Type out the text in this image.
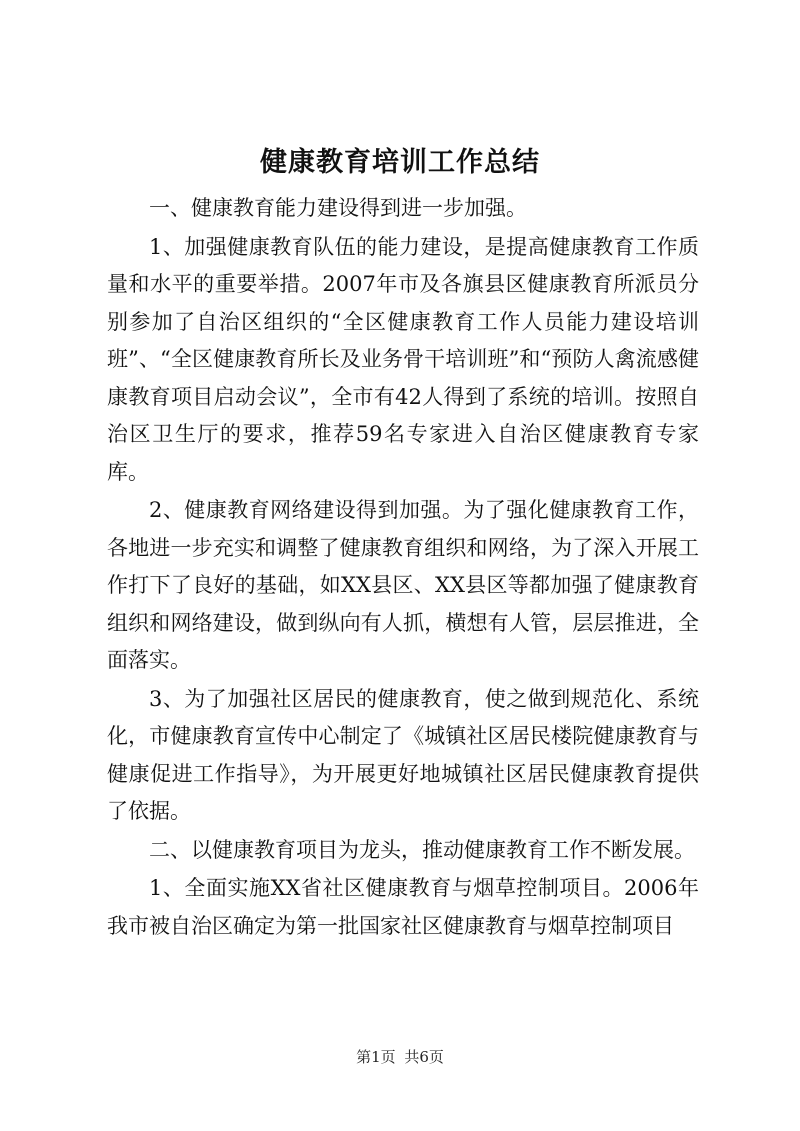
健康教育培训工作总结

一、健康教育能力建设得到进一步加强。

1、加强健康教育队伍的能力建设，是提高健康教育工作质量和水平的重要举措。2007年市及各旗县区健康教育所派员分别参加了自治区组织的“全区健康教育工作人员能力建设培训班”、“全区健康教育所长及业务骨干培训班”和“预防人禽流感健康教育项目启动会议”，全市有42人得到了系统的培训。按照自治区卫生厅的要求，推荐59名专家进入自治区健康教育专家库。

2、健康教育网络建设得到加强。为了强化健康教育工作，各地进一步充实和调整了健康教育组织和网络，为了深入开展工作打下了良好的基础，如XX县区、XX县区等都加强了健康教育组织和网络建设，做到纵向有人抓，横想有人管，层层推进，全面落实。

3、为了加强社区居民的健康教育，使之做到规范化、系统化，市健康教育宣传中心制定了《城镇社区居民楼院健康教育与健康促进工作指导》，为开展更好地城镇社区居民健康教育提供了依据。

二、以健康教育项目为龙头，推动健康教育工作不断发展。

1、全面实施XX省社区健康教育与烟草控制项目。2006年我市被自治区确定为第一批国家社区健康教育与烟草控制项目

第1页 共6页
